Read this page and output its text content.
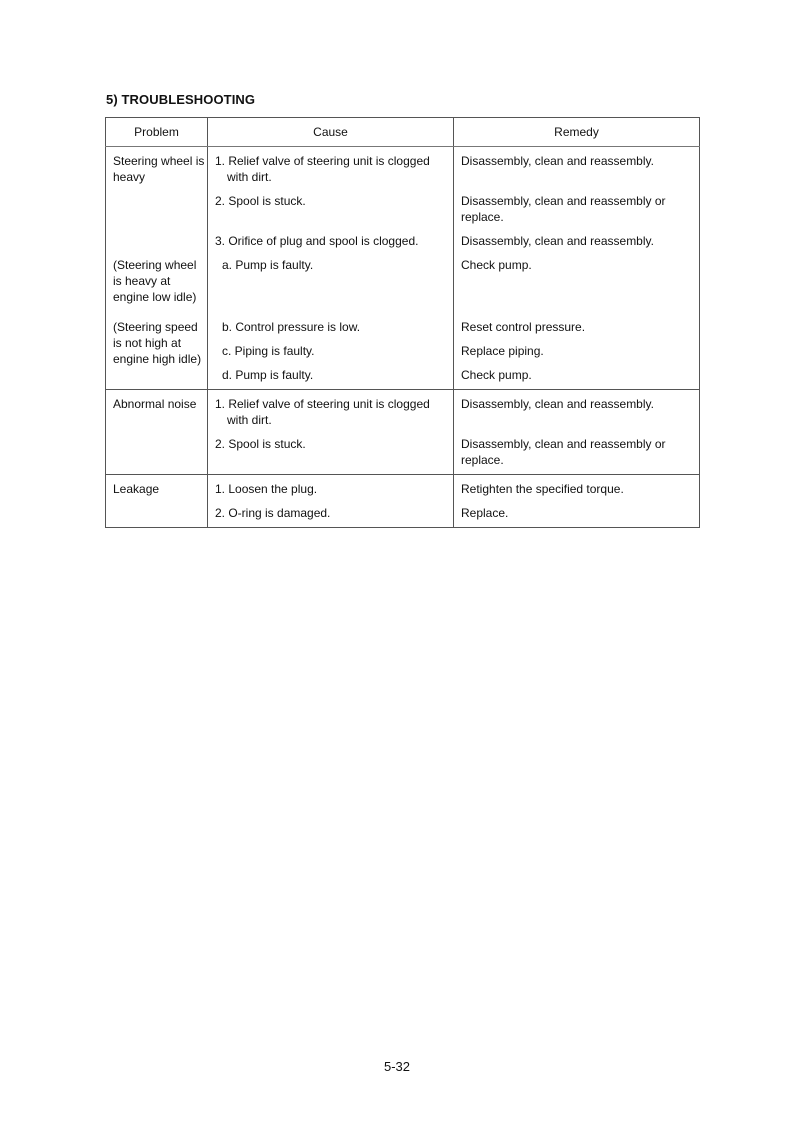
5) TROUBLESHOOTING
Problem	Cause	Remedy
Steering wheel is heavy	1. Relief valve of steering unit is clogged with dirt.	Disassembly, clean and reassembly.

	2. Spool is stuck.	Disassembly, clean and reassembly or replace.

	3. Orifice of plug and spool is clogged.	Disassembly, clean and reassembly.
(Steering wheel is heavy at engine low idle)	a. Pump is faulty.	Check pump.
(Steering speed is not high at engine high idle)	b. Control pressure is low.	Reset control pressure.

	c. Piping is faulty.	Replace piping.

	d. Pump is faulty.	Check pump.
Abnormal noise	1. Relief valve of steering unit is clogged with dirt.	Disassembly, clean and reassembly.

	2. Spool is stuck.	Disassembly, clean and reassembly or replace.
Leakage	1. Loosen the plug.	Retighten the specified torque.

	2. O-ring is damaged.	Replace.
5-32
